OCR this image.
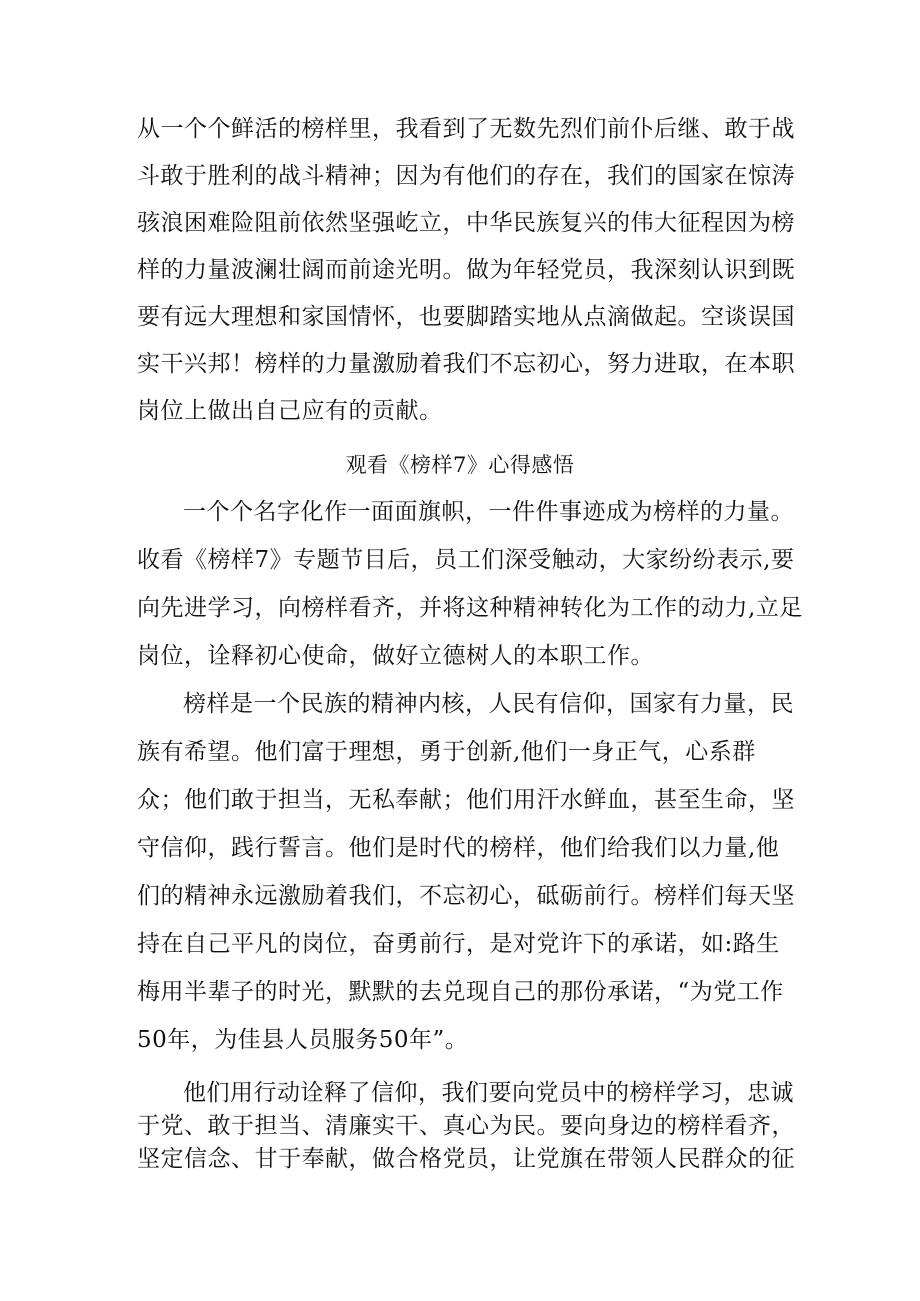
从一个个鲜活的榜样里，我看到了无数先烈们前仆后继、敢于战
斗敢于胜利的战斗精神；因为有他们的存在，我们的国家在惊涛
骇浪困难险阻前依然坚强屹立，中华民族复兴的伟大征程因为榜
样的力量波澜壮阔而前途光明。做为年轻党员，我深刻认识到既
要有远大理想和家国情怀，也要脚踏实地从点滴做起。空谈误国
实干兴邦！榜样的力量激励着我们不忘初心，努力进取，在本职
岗位上做出自己应有的贡献。
观看《榜样7》心得感悟
一个个名字化作一面面旗帜，一件件事迹成为榜样的力量。
收看《榜样7》专题节目后，员工们深受触动，大家纷纷表示,要
向先进学习，向榜样看齐，并将这种精神转化为工作的动力,立足
岗位，诠释初心使命，做好立德树人的本职工作。
榜样是一个民族的精神内核，人民有信仰，国家有力量，民
族有希望。他们富于理想，勇于创新,他们一身正气，心系群
众；他们敢于担当，无私奉献；他们用汗水鲜血，甚至生命，坚
守信仰，践行誓言。他们是时代的榜样，他们给我们以力量,他
们的精神永远激励着我们，不忘初心，砥砺前行。榜样们每天坚
持在自己平凡的岗位，奋勇前行，是对党许下的承诺，如:路生
梅用半辈子的时光，默默的去兑现自己的那份承诺，“为党工作
50年，为佳县人员服务50年”。
他们用行动诠释了信仰，我们要向党员中的榜样学习，忠诚
于党、敢于担当、清廉实干、真心为民。要向身边的榜样看齐，
坚定信念、甘于奉献，做合格党员，让党旗在带领人民群众的征
